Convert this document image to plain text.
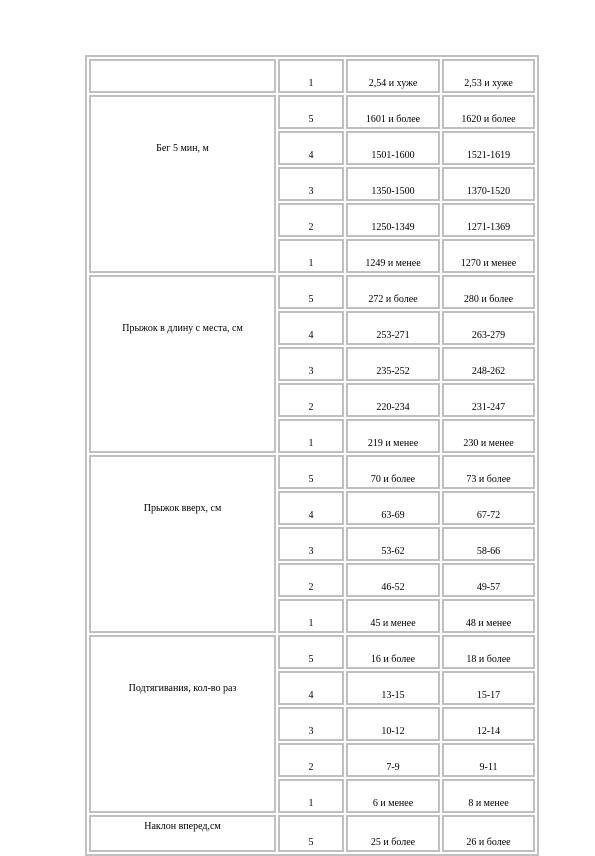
	1	2,54 и хуже	2,53 и хуже
Бег 5 мин, м	5	1601 и более	1620 и более
	4	1501-1600	1521-1619
	3	1350-1500	1370-1520
	2	1250-1349	1271-1369
	1	1249 и менее	1270 и менее
Прыжок в длину с места, см	5	272 и более	280 и более
	4	253-271	263-279
	3	235-252	248-262
	2	220-234	231-247
	1	219 и менее	230 и менее
Прыжок вверх, см	5	70 и более	73 и более
	4	63-69	67-72
	3	53-62	58-66
	2	46-52	49-57
	1	45 и менее	48 и менее
Подтягивания, кол-во раз	5	16 и более	18 и более
	4	13-15	15-17
	3	10-12	12-14
	2	7-9	9-11
	1	6 и менее	8 и менее
Наклон вперед,см	5	25 и более	26 и более
